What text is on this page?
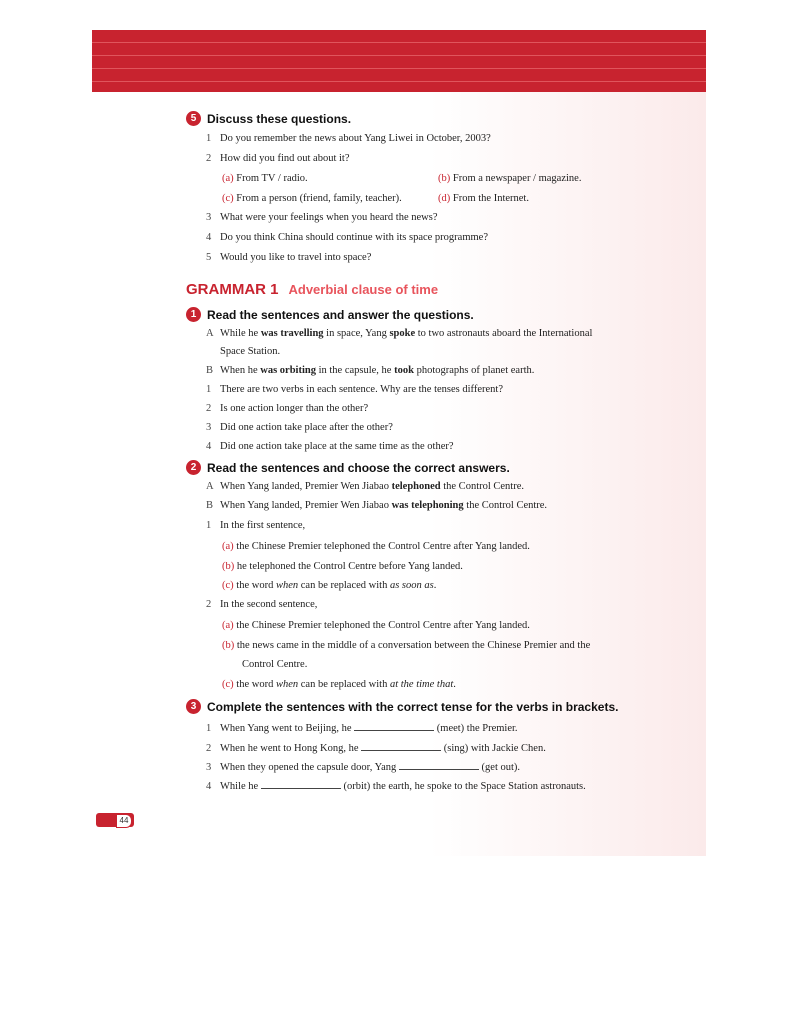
5 Discuss these questions.
1 Do you remember the news about Yang Liwei in October, 2003?
2 How did you find out about it?
(a) From TV / radio.	(b) From a newspaper / magazine.
(c) From a person (friend, family, teacher).	(d) From the Internet.
3 What were your feelings when you heard the news?
4 Do you think China should continue with its space programme?
5 Would you like to travel into space?
GRAMMAR 1 Adverbial clause of time
1 Read the sentences and answer the questions.
A While he was travelling in space, Yang spoke to two astronauts aboard the International
Space Station.
B When he was orbiting in the capsule, he took photographs of planet earth.
1 There are two verbs in each sentence. Why are the tenses different?
2 Is one action longer than the other?
3 Did one action take place after the other?
4 Did one action take place at the same time as the other?
2 Read the sentences and choose the correct answers.
A When Yang landed, Premier Wen Jiabao telephoned the Control Centre.
B When Yang landed, Premier Wen Jiabao was telephoning the Control Centre.
1 In the first sentence,
(a) the Chinese Premier telephoned the Control Centre after Yang landed.
(b) he telephoned the Control Centre before Yang landed.
(c) the word when can be replaced with as soon as.
2 In the second sentence,
(a) the Chinese Premier telephoned the Control Centre after Yang landed.
(b) the news came in the middle of a conversation between the Chinese Premier and the
Control Centre.
(c) the word when can be replaced with at the time that.
3 Complete the sentences with the correct tense for the verbs in brackets.
1 When Yang went to Beijing, he	(meet) the Premier.
2 When he went to Hong Kong, he	(sing) with Jackie Chen.
3 When they opened the capsule door, Yang	(get out).
4 While he	(orbit) the earth, he spoke to the Space Station astronauts.
44
